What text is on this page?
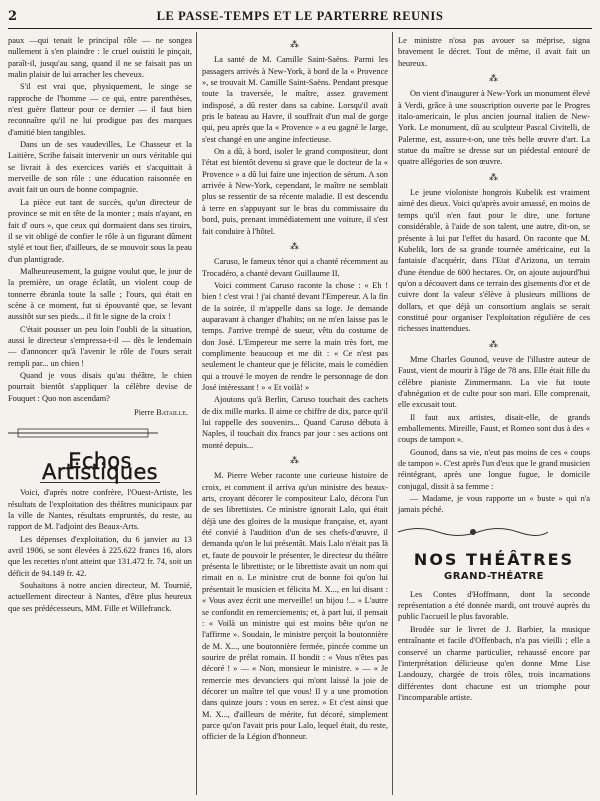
2	LE PASSE-TEMPS ET LE PARTERRE REUNIS

paux —qui tenait le principal rôle — ne songea nullement à s'en plaindre : le cruel ouistiti le pinçait, paraît-il, jusqu'au sang, quand il ne se faisait pas un malin plaisir de lui arracher les cheveux.

S'il est vrai que, physiquement, le singe se rapproche de l'homme — ce qui, entre parenthèses, n'est guère flatteur pour ce dernier — il faut bien reconnaître qu'il ne lui prodigue pas des marques d'amitié bien tangibles.

Dans un de ses vaudevilles, Le Chasseur et la Laitière, Scribe faisait intervenir un ours véritable qui se livrait à des exercices variés et s'acquittait à merveille de son rôle : une éducation raisonnée en avait fait un ours de bonne compagnie.

La pièce eut tant de succès, qu'un directeur de province se mit en tête de la monter ; mais n'ayant, en fait d' ours », que ceux qui dormaient dans ses tiroirs, il se vit obligé de confier le rôle à un figurant dûment stylé et tout fier, d'ailleurs, de se mouvoir sous la peau d'un plantigrade.

Malheureusement, la guigne voulut que, le jour de la première, un orage éclatât, un violent coup de tonnerre ébranla toute la salle ; l'ours, qui était en scène à ce moment, fut si épouvanté que, se levant aussitôt sur ses pieds... il fit le signe de la croix !

C'était pousser un peu loin l'oubli de la situation, aussi le directeur s'empressa-t-il — dès le lendemain — d'annoncer qu'à l'avenir le rôle de l'ours serait rempli par... un chien !

Quand je vous disais qu'au théâtre, le chien pourrait bientôt s'appliquer la célèbre devise de Fouquet : Quo non ascendam?

Pierre Bataille.
Echos Artistiques

Voici, d'après notre confrère, l'Ouest-Artiste, les résultats de l'exploitation des théâtres municipaux par la ville de Nantes, résultats empruntés, du reste, au rapport de M. l'adjoint des Beaux-Arts.

Les dépenses d'exploitation, du 6 janvier au 13 avril 1906, se sont élevées à 225.622 francs 16, alors que les recettes n'ont atteint que 131.472 fr. 74, soit un déficit de 94.149 fr. 42.

Souhaitons à notre ancien directeur, M. Tournié, actuellement directeur à Nantes, d'être plus heureux que ses prédécesseurs, MM. Fille et Willefranck.

⁂

La santé de M. Camille Saint-Saëns. Parmi les passagers arrivés à New-York, à bord de la « Provence », se trouvait M. Camille Saint-Saëns. Pendant presque toute la traversée, le maître, assez gravement indisposé, a dû rester dans sa cabine. Lorsqu'il avait pris le bateau au Havre, il souffrait d'un mal de gorge qui, peu après que la « Provence » a eu gagné le large, s'est changé en une angine infectieuse.

On a dû, à bord, isoler le grand compositeur, dont l'état est bientôt devenu si grave que le docteur de la « Provence » a dû lui faire une injection de sérum. A son arrivée à New-York, cependant, le maître ne semblait plus se ressentir de sa récente maladie. Il est descendu à terre en s'appuyant sur le bras du commissaire du bord, puis, prenant immédiatement une voiture, il s'est fait conduire à l'hôtel.

⁂

Caruso, le fameux ténor qui a chanté récemment au Trocadéro, a chanté devant Guillaume II.

Voici comment Caruso raconte la chose : « Eh ! bien ! c'est vrai ! j'ai chanté devant l'Empereur. A la fin de la soirée, il m'appelle dans sa loge. Je demande auparavant à changer d'habits; on ne m'en laisse pas le temps. J'arrive trempé de sueur, vêtu du costume de don José. L'Empereur me serre la main très fort, me complimente beaucoup et me dit : « Ce n'est pas seulement le chanteur que je félicite, mais le comédien qui a trouvé le moyen de rendre le personnage de don José intéressant ! » « Et voilà! »

Ajoutons qu'à Berlin, Caruso touchait des cachets de dix mille marks. Il aime ce chiffre de dix, parce qu'il lui rappelle des souvenirs... Quand Caruso débuta à Naples, il touchait dix francs par jour : ses actions ont monté depuis...

⁂

M. Pierre Weber raconte une curieuse histoire de croix, et comment il arriva qu'un ministre des beaux-arts, croyant décorer le compositeur Lalo, décora l'un de ses librettistes. Ce ministre ignorait Lalo, qui était déjà une des gloires de la musique française, et, ayant été convié à l'audition d'un de ses chefs-d'œuvre, il demanda qu'on le lui présentât. Mais Lalo n'était pas là et, faute de pouvoir le présenter, le directeur du théâtre présenta le librettiste; or le librettiste avait un nom qui rimait en o. Le ministre crut de bonne foi qu'on lui présentait le musicien et félicita M. X..., en lui disant : « Vous avez écrit une merveille! un bijou !... » L'autre se confondit en remerciements; et, à part lui, il pensait : « Voilà un ministre qui est moins bête qu'on ne l'affirme ». Soudain, le ministre perçoit la boutonnière de M. X..., une boutonnière fermée, pincée comme un sourire de prélat romain. Il bondit : « Vous n'êtes pas décoré ! » — « Non, monsieur le ministre. » — « Je remercie mes devanciers qui m'ont laissé la joie de décorer un maître tel que vous! Il y a une promotion dans quinze jours : vous en serez. » Et c'est ainsi que M. X..., d'ailleurs de mérite, fut décoré, simplement parce qu'on l'avait pris pour Lalo, lequel était, du reste, officier de la Légion d'honneur.

Le ministre n'osa pas avouer sa méprise, signa bravement le décret. Tout de même, il avait fait un heureux.

⁂

On vient d'inaugurer à New-York un monument élevé à Verdi, grâce à une souscription ouverte par le Progres italo-americain, le plus ancien journal italien de New-York. Le monument, dû au sculpteur Pascal Civitelli, de Palerme, est, assure-t-on, une très belle œuvre d'art. La statue du maître se dresse sur un piédestal entouré de quatre allégories de son œuvre.

⁂

Le jeune violoniste hongrois Kubelik est vraiment aimé des dieux. Voici qu'après avoir amassé, en moins de temps qu'il n'en faut pour le dire, une fortune considérable, à l'aide de son talent, une autre, dit-on, se présente à lui par l'effet du hasard. On raconte que M. Kubelik, lors de sa grande tournée américaine, eut la fantaisie d'acquérir, dans l'Etat d'Arizona, un terrain d'une étendue de 600 hectares. Or, on ajoute aujourd'hui qu'on a découvert dans ce terrain des gisements d'or et de cuivre dont la valeur s'élève à plusieurs millions de dollars, et que déjà un consortium anglais se serait constitué pour organiser l'exploitation régulière de ces richesses inattendues.

⁂

Mme Charles Gounod, veuve de l'illustre auteur de Faust, vient de mourir à l'âge de 78 ans. Elle était fille du célèbre pianiste Zimmermann. La vie fut toute d'abnégation et de culte pour son mari. Elle comprenait, elle excusait tout.

Il faut aux artistes, disait-elle, de grands emballements. Mireille, Faust, et Romeo sont dus à des « coups de tampon ».

Gounod, dans sa vie, n'eut pas moins de ces « coups de tampon ». C'est après l'un d'eux que le grand musicien réintégrant, après une longue fugue, le domicile conjugal, dissit à sa femme :

— Madame, je vous rapporte un « buste » qui n'a jamais péché.

NOS THÉÂTRES
GRAND-THÉATRE

Les Contes d'Hoffmann, dont la seconde représentation a été donnée mardi, ont trouvé auprès du public l'accueil le plus favorable.

Brodée sur le livret de J. Barbier, la musique entraînante et facile d'Offenbach, n'a pas vieilli ; elle a conservé un charme particulier, rehaussé encore par l'interprétation délicieuse qu'en donne Mme Lise Landouzy, chargée de trois rôles, trois incarnations différentes dont chacune est un triomphe pour l'incomparable artiste.
